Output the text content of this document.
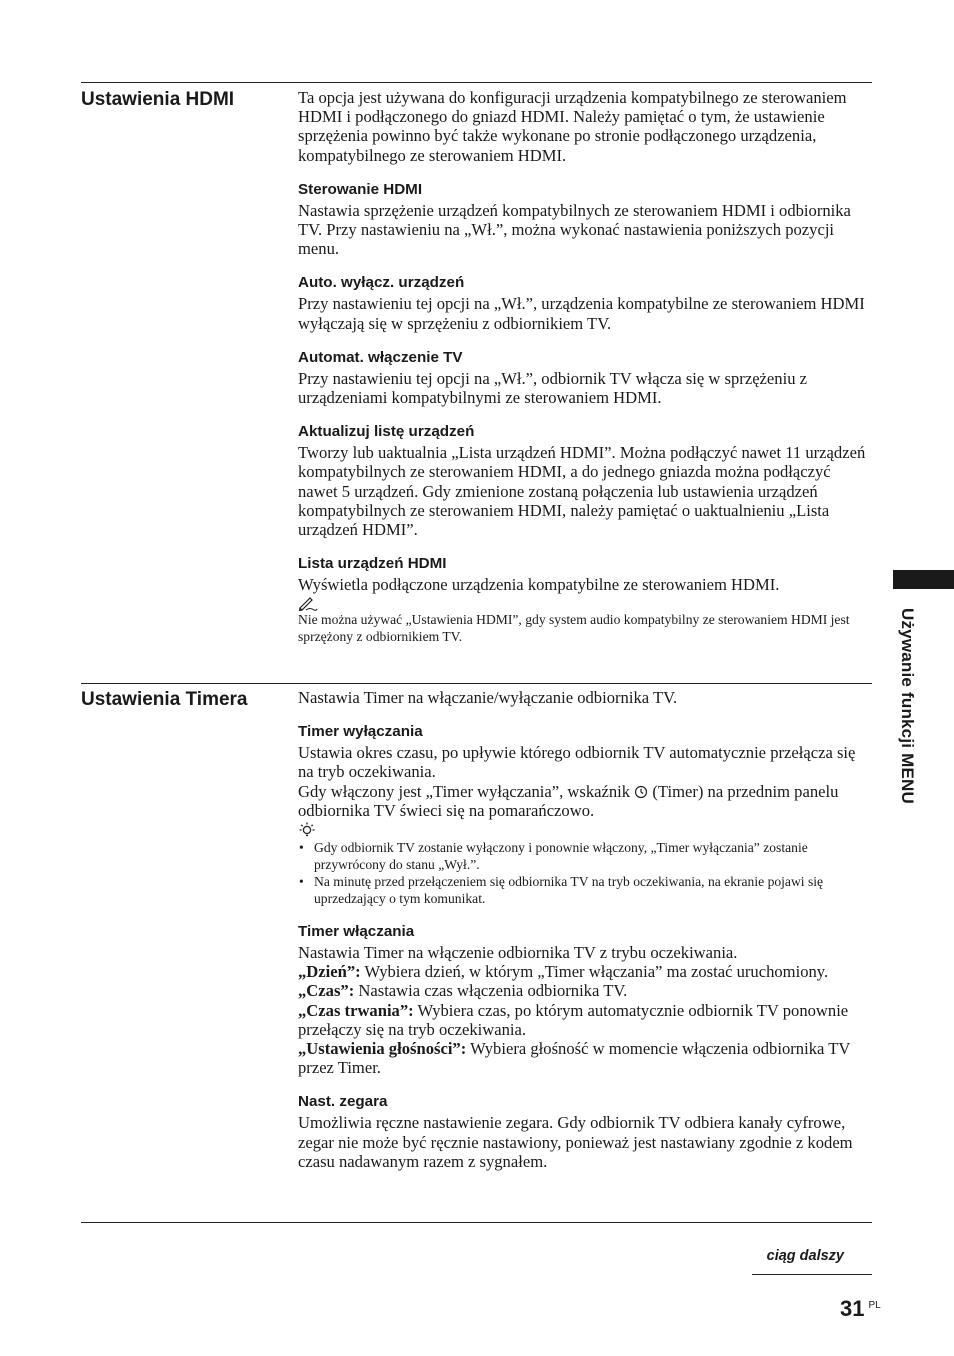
Ustawienia HDMI	Ta opcja jest używana do konfiguracji urządzenia kompatybilnego ze sterowaniem HDMI i podłączonego do gniazd HDMI. Należy pamiętać o tym, że ustawienie sprzężenia powinno być także wykonane po stronie podłączonego urządzenia, kompatybilnego ze sterowaniem HDMI.

Sterowanie HDMI

Nastawia sprzężenie urządzeń kompatybilnych ze sterowaniem HDMI i odbiornika TV. Przy nastawieniu na „Wł.”, można wykonać nastawienia poniższych pozycji menu.

Auto. wyłącz. urządzeń

Przy nastawieniu tej opcji na „Wł.”, urządzenia kompatybilne ze sterowaniem HDMI wyłączają się w sprzężeniu z odbiornikiem TV.

Automat. włączenie TV

Przy nastawieniu tej opcji na „Wł.”, odbiornik TV włącza się w sprzężeniu z urządzeniami kompatybilnymi ze sterowaniem HDMI.

Aktualizuj listę urządzeń

Tworzy lub uaktualnia „Lista urządzeń HDMI”. Można podłączyć nawet 11 urządzeń kompatybilnych ze sterowaniem HDMI, a do jednego gniazda można podłączyć nawet 5 urządzeń. Gdy zmienione zostaną połączenia lub ustawienia urządzeń kompatybilnych ze sterowaniem HDMI, należy pamiętać o uaktualnieniu „Lista urządzeń HDMI”.

Lista urządzeń HDMI

Wyświetla podłączone urządzenia kompatybilne ze sterowaniem HDMI.

Nie można używać „Ustawienia HDMI”, gdy system audio kompatybilny ze sterowaniem HDMI jest sprzężony z odbiornikiem TV.

Ustawienia Timera	Nastawia Timer na włączanie/wyłączanie odbiornika TV.

Timer wyłączania

Ustawia okres czasu, po upływie którego odbiornik TV automatycznie przełącza się na tryb oczekiwania.

Gdy włączony jest „Timer wyłączania”, wskaźnik (Timer) na przednim panelu odbiornika TV świeci się na pomarańczowo.

• Gdy odbiornik TV zostanie wyłączony i ponownie włączony, „Timer wyłączania” zostanie przywrócony do stanu „Wył.”.
• Na minutę przed przełączeniem się odbiornika TV na tryb oczekiwania, na ekranie pojawi się uprzedzający o tym komunikat.
Timer włączania

Nastawia Timer na włączenie odbiornika TV z trybu oczekiwania.

„Dzień”: Wybiera dzień, w którym „Timer włączania” ma zostać uruchomiony.

„Czas”: Nastawia czas włączenia odbiornika TV.

„Czas trwania”: Wybiera czas, po którym automatycznie odbiornik TV ponownie przełączy się na tryb oczekiwania.

„Ustawienia głośności”: Wybiera głośność w momencie włączenia odbiornika TV przez Timer.

Nast. zegara

Umożliwia ręczne nastawienie zegara. Gdy odbiornik TV odbiera kanały cyfrowe, zegar nie może być ręcznie nastawiony, ponieważ jest nastawiany zgodnie z kodem czasu nadawanym razem z sygnałem.

Używanie funkcji MENU
ciąg dalszy
31 $^{PL}$
